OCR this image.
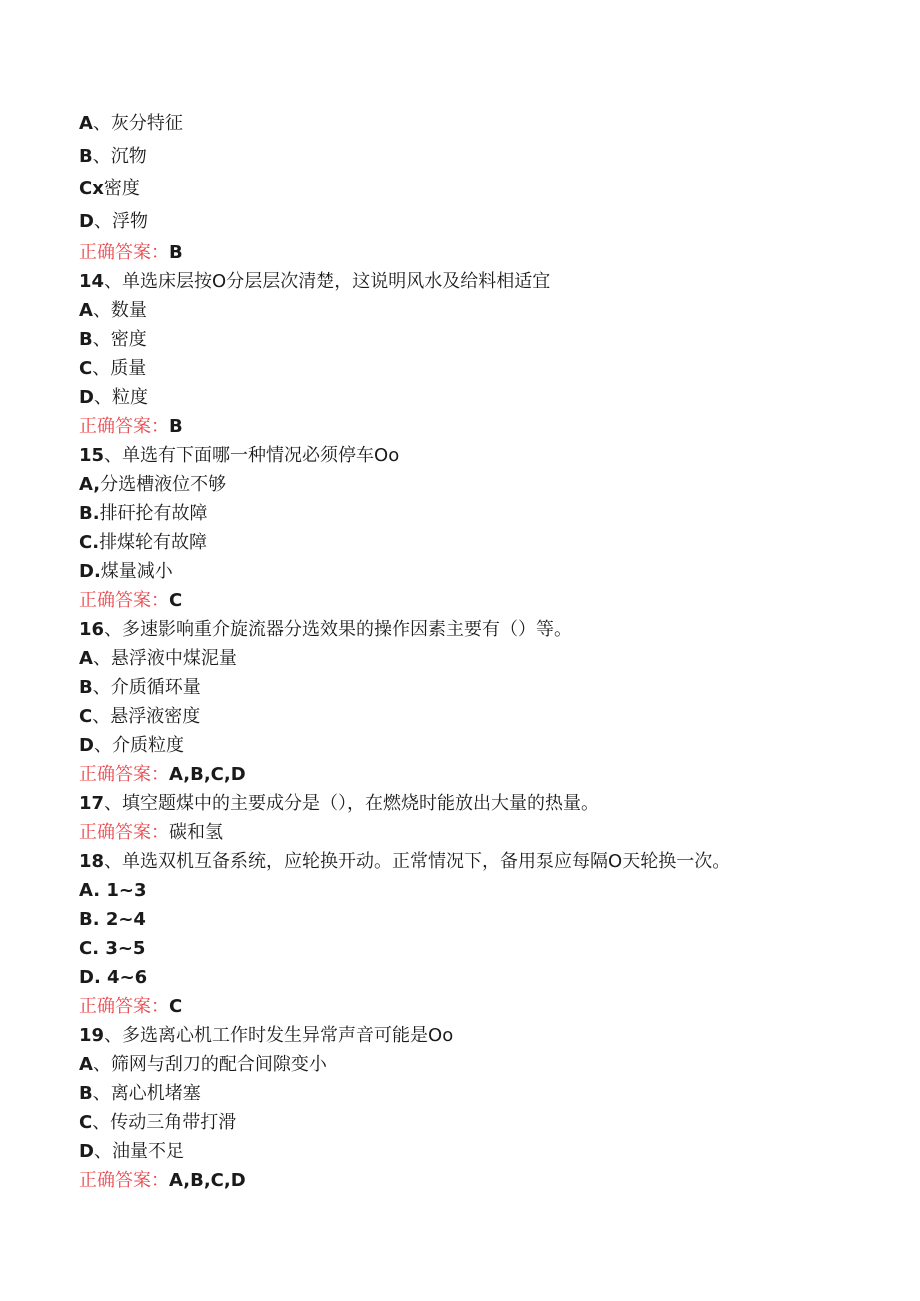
A、灰分特征
B、沉物
Cx密度
D、浮物
正确答案：B
14、单选床层按O分层层次清楚，这说明风水及给料相适宜
A、数量
B、密度
C、质量
D、粒度
正确答案：B
15、单选有下面哪一种情况必须停车Oo
A,分选槽液位不够
B.排矸抡有故障
C.排煤轮有故障
D.煤量减小
正确答案：C
16、多速影响重介旋流器分选效果的操作因素主要有（）等。
A、悬浮液中煤泥量
B、介质循环量
C、悬浮液密度
D、介质粒度
正确答案：A,B,C,D
17、填空题煤中的主要成分是（），在燃烧时能放出大量的热量。
正确答案：碳和氢
18、单选双机互备系统，应轮换开动。正常情况下，备用泵应每隔O天轮换一次。
A. 1~3
B. 2~4
C. 3~5
D. 4~6
正确答案：C
19、多选离心机工作时发生异常声音可能是Oo
A、筛网与刮刀的配合间隙变小
B、离心机堵塞
C、传动三角带打滑
D、油量不足
正确答案：A,B,C,D
